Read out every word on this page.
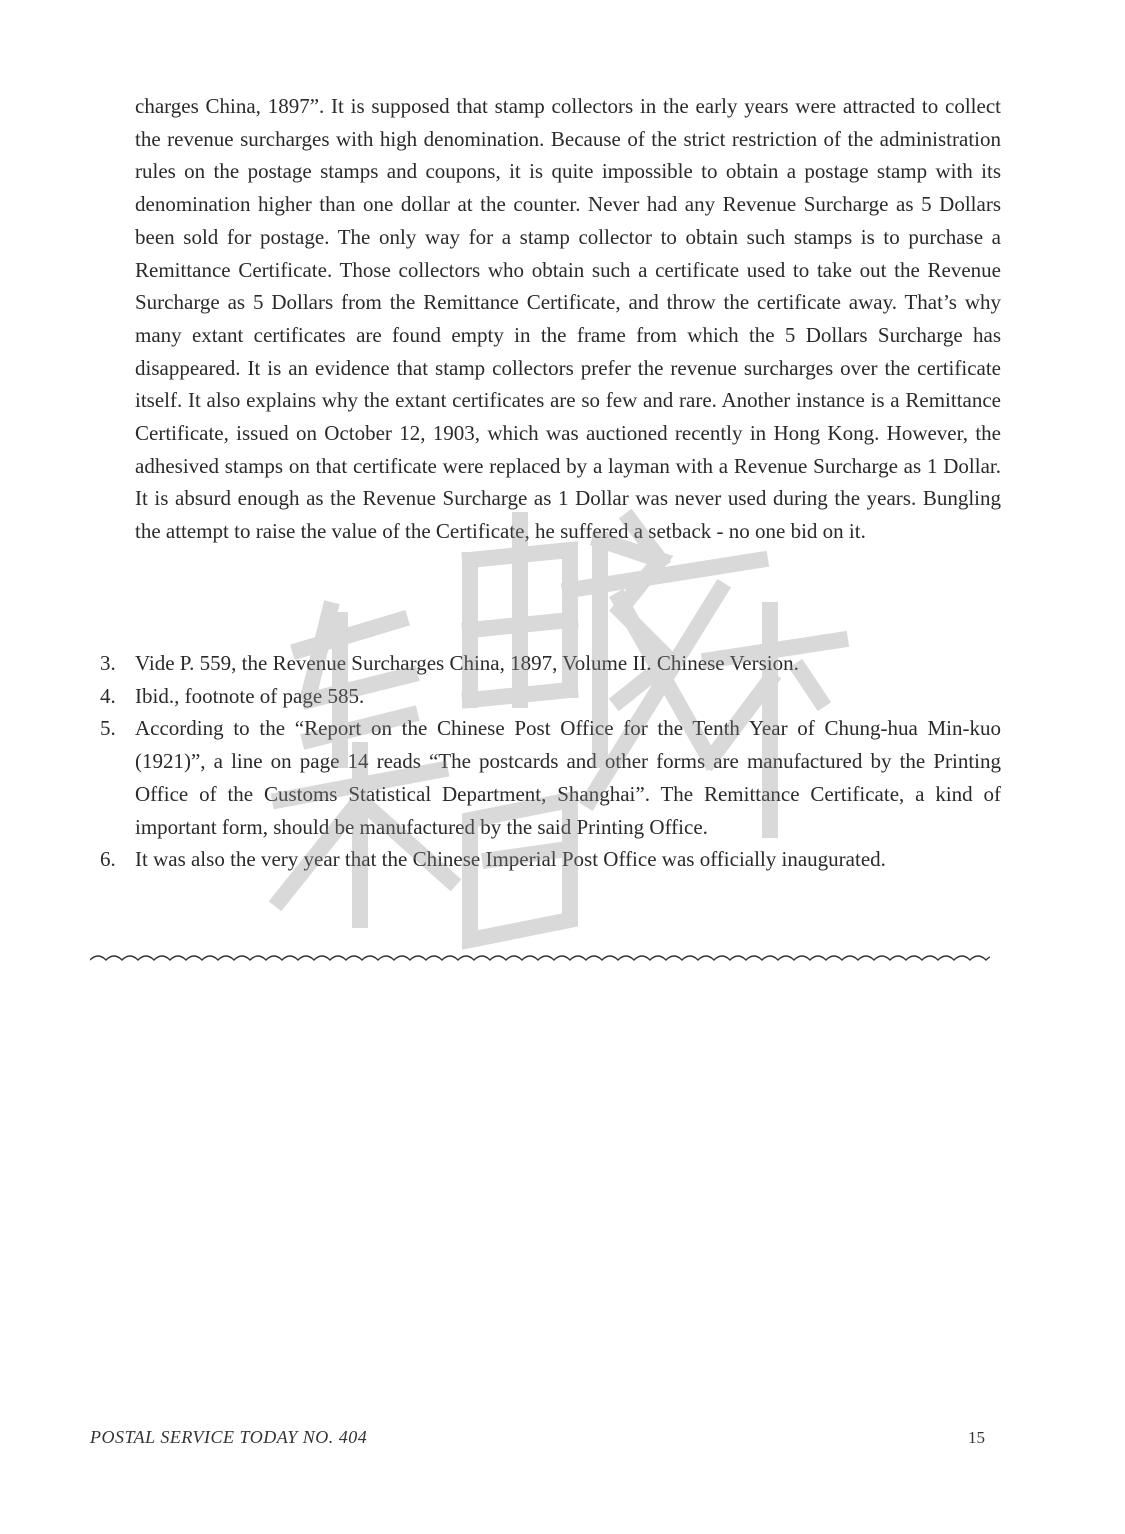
charges China, 1897”. It is supposed that stamp collectors in the early years were attracted to collect the revenue surcharges with high denomination. Because of the strict restriction of the administration rules on the postage stamps and coupons, it is quite impossible to obtain a postage stamp with its denomination higher than one dollar at the counter. Never had any Revenue Surcharge as 5 Dollars been sold for postage. The only way for a stamp collector to obtain such stamps is to purchase a Remittance Certificate. Those collectors who obtain such a certificate used to take out the Revenue Surcharge as 5 Dollars from the Remittance Certificate, and throw the certificate away. That’s why many extant certificates are found empty in the frame from which the 5 Dollars Surcharge has disappeared. It is an evidence that stamp collectors prefer the revenue surcharges over the certificate itself. It also explains why the extant certificates are so few and rare. Another instance is a Remittance Certificate, issued on October 12, 1903, which was auctioned recently in Hong Kong. However, the adhesived stamps on that certificate were replaced by a layman with a Revenue Surcharge as 1 Dollar. It is absurd enough as the Revenue Surcharge as 1 Dollar was never used during the years. Bungling the attempt to raise the value of the Certificate, he suffered a setback - no one bid on it.

3. Vide P. 559, the Revenue Surcharges China, 1897, Volume II. Chinese Version.
4. Ibid., footnote of page 585.
5. According to the “Report on the Chinese Post Office for the Tenth Year of Chung-hua Min-kuo (1921)”, a line on page 14 reads “The postcards and other forms are manufactured by the Printing Office of the Customs Statistical Department, Shanghai”. The Remittance Certificate, a kind of important form, should be manufactured by the said Printing Office.
6. It was also the very year that the Chinese Imperial Post Office was officially inaugurated.
POSTAL SERVICE TODAY NO. 404	15
